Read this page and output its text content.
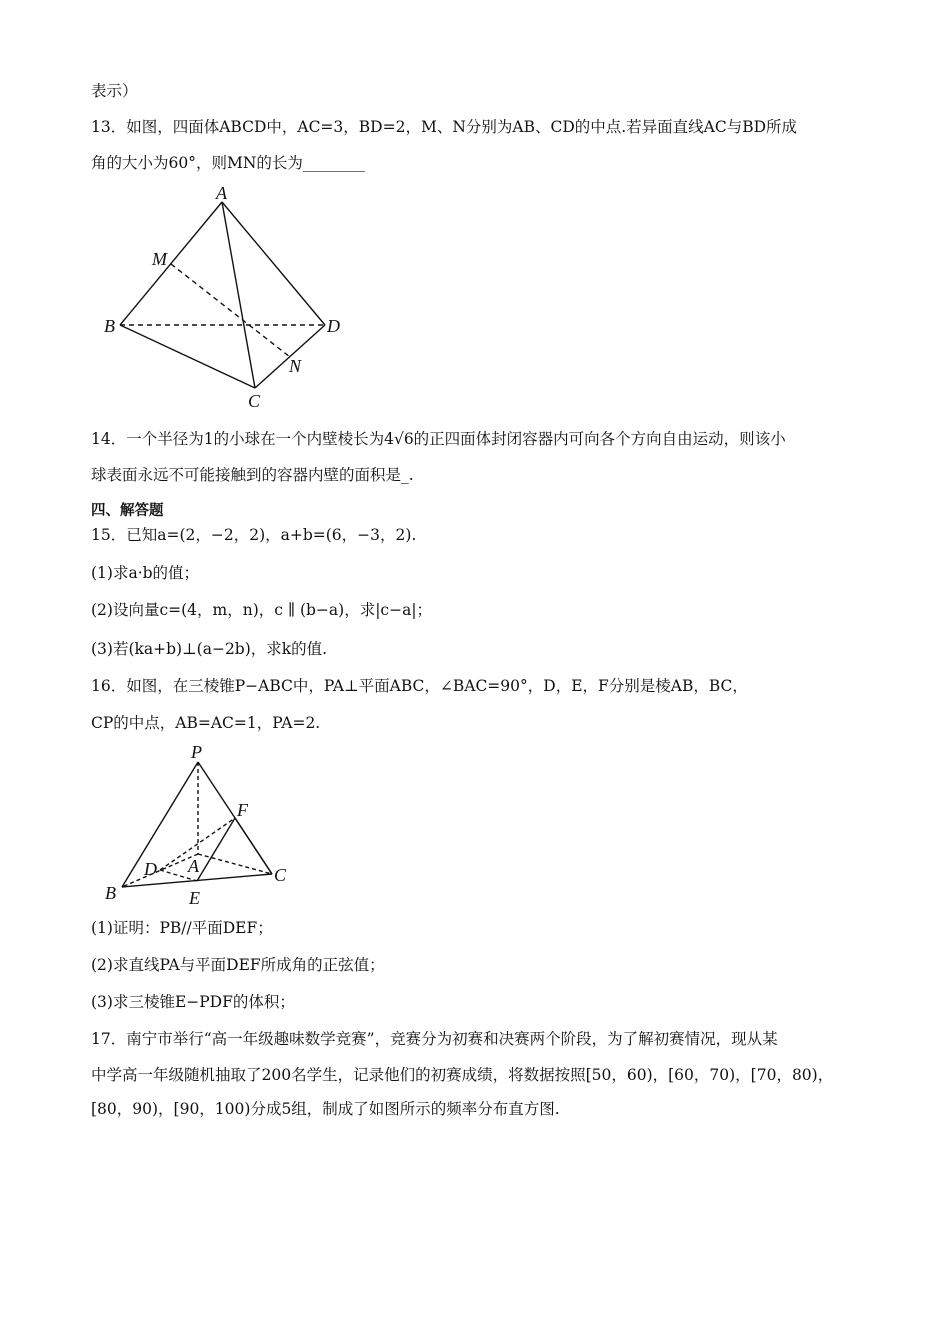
表示）
13．如图，四面体ABCD中，AC=3，BD=2，M、N分别为AB、CD的中点.若异面直线AC与BD所成
角的大小为60°，则MN的长为________
A
M
B	D
N
C
14．一个半径为1的小球在一个内壁棱长为4√6的正四面体封闭容器内可向各个方向自由运动，则该小
球表面永远不可能接触到的容器内壁的面积是_.
四、解答题
15．已知a=(2，−2，2)，a+b=(6，−3，2).
(1)求a·b的值；
(2)设向量c=(4，m，n)，c ∥ (b−a)，求|c−a|；
(3)若(ka+b)⊥(a−2b)，求k的值.
16．如图，在三棱锥P−ABC中，PA⊥平面ABC，∠BAC=90°，D，E，F分别是棱AB，BC，
CP的中点，AB=AC=1，PA=2.
P
F
D A	C
B	E
(1)证明：PB//平面DEF；
(2)求直线PA与平面DEF所成角的正弦值；
(3)求三棱锥E−PDF的体积；
17．南宁市举行“高一年级趣味数学竞赛”，竞赛分为初赛和决赛两个阶段，为了解初赛情况，现从某
中学高一年级随机抽取了200名学生，记录他们的初赛成绩，将数据按照[50，60)，[60，70)，[70，80)，
[80，90)，[90，100)分成5组，制成了如图所示的频率分布直方图.
